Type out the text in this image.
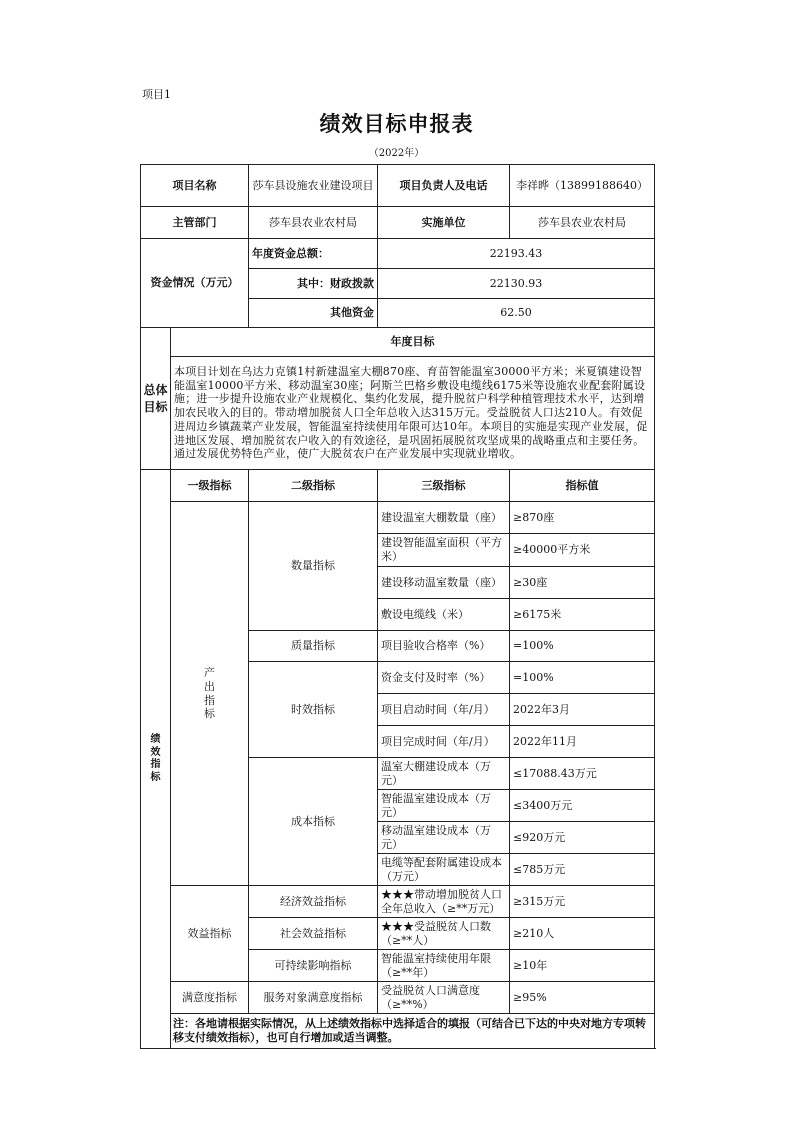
项目1
绩效目标申报表
（2022年）
项目名称		莎车县设施农业建设项目	项目负责人及电话	李祥晔（13899188640）
主管部门		莎车县农业农村局	实施单位	莎车县农业农村局
资金情况（万元）		年度资金总额：	22193.43	
		其中：财政拨款	22130.93	
		其他资金	62.50	
总体目标	年度目标			
	本项目计划在乌达力克镇1村新建温室大棚870座、育苗智能温室30000平方米；米夏镇建设智能温室10000平方米、移动温室30座；阿斯兰巴格乡敷设电缆线6175米等设施农业配套附属设施；进一步提升设施农业产业规模化、集约化发展，提升脱贫户科学种植管理技术水平，达到增加农民收入的目的。带动增加脱贫人口全年总收入达315万元。受益脱贫人口达210人。有效促进周边乡镇蔬菜产业发展，智能温室持续使用年限可达10年。本项目的实施是实现产业发展，促进地区发展、增加脱贫农户收入的有效途径，是巩固拓展脱贫攻坚成果的战略重点和主要任务。通过发展优势特色产业，使广大脱贫农户在产业发展中实现就业增收。			
绩效指标	一级指标	二级指标	三级指标	指标值
	产出指标	数量指标	建设温室大棚数量（座）	≥870座
			建设智能温室面积（平方米）	≥40000平方米
			建设移动温室数量（座）	≥30座
			敷设电缆线（米）	≥6175米
		质量指标	项目验收合格率（%）	=100%
		时效指标	资金支付及时率（%）	=100%
			项目启动时间（年/月）	2022年3月
			项目完成时间（年/月）	2022年11月
		成本指标	温室大棚建设成本（万元）	≤17088.43万元
			智能温室建设成本（万元）	≤3400万元
			移动温室建设成本（万元）	≤920万元
			电缆等配套附属建设成本（万元）	≤785万元
	效益指标	经济效益指标	★★★带动增加脱贫人口全年总收入（≥**万元）	≥315万元
		社会效益指标	★★★受益脱贫人口数（≥**人）	≥210人
		可持续影响指标	智能温室持续使用年限（≥**年）	≥10年
	满意度指标	服务对象满意度指标	受益脱贫人口满意度（≥**%）	≥95%
	注：各地请根据实际情况，从上述绩效指标中选择适合的填报（可结合已下达的中央对地方专项转移支付绩效指标），也可自行增加或适当调整。			
